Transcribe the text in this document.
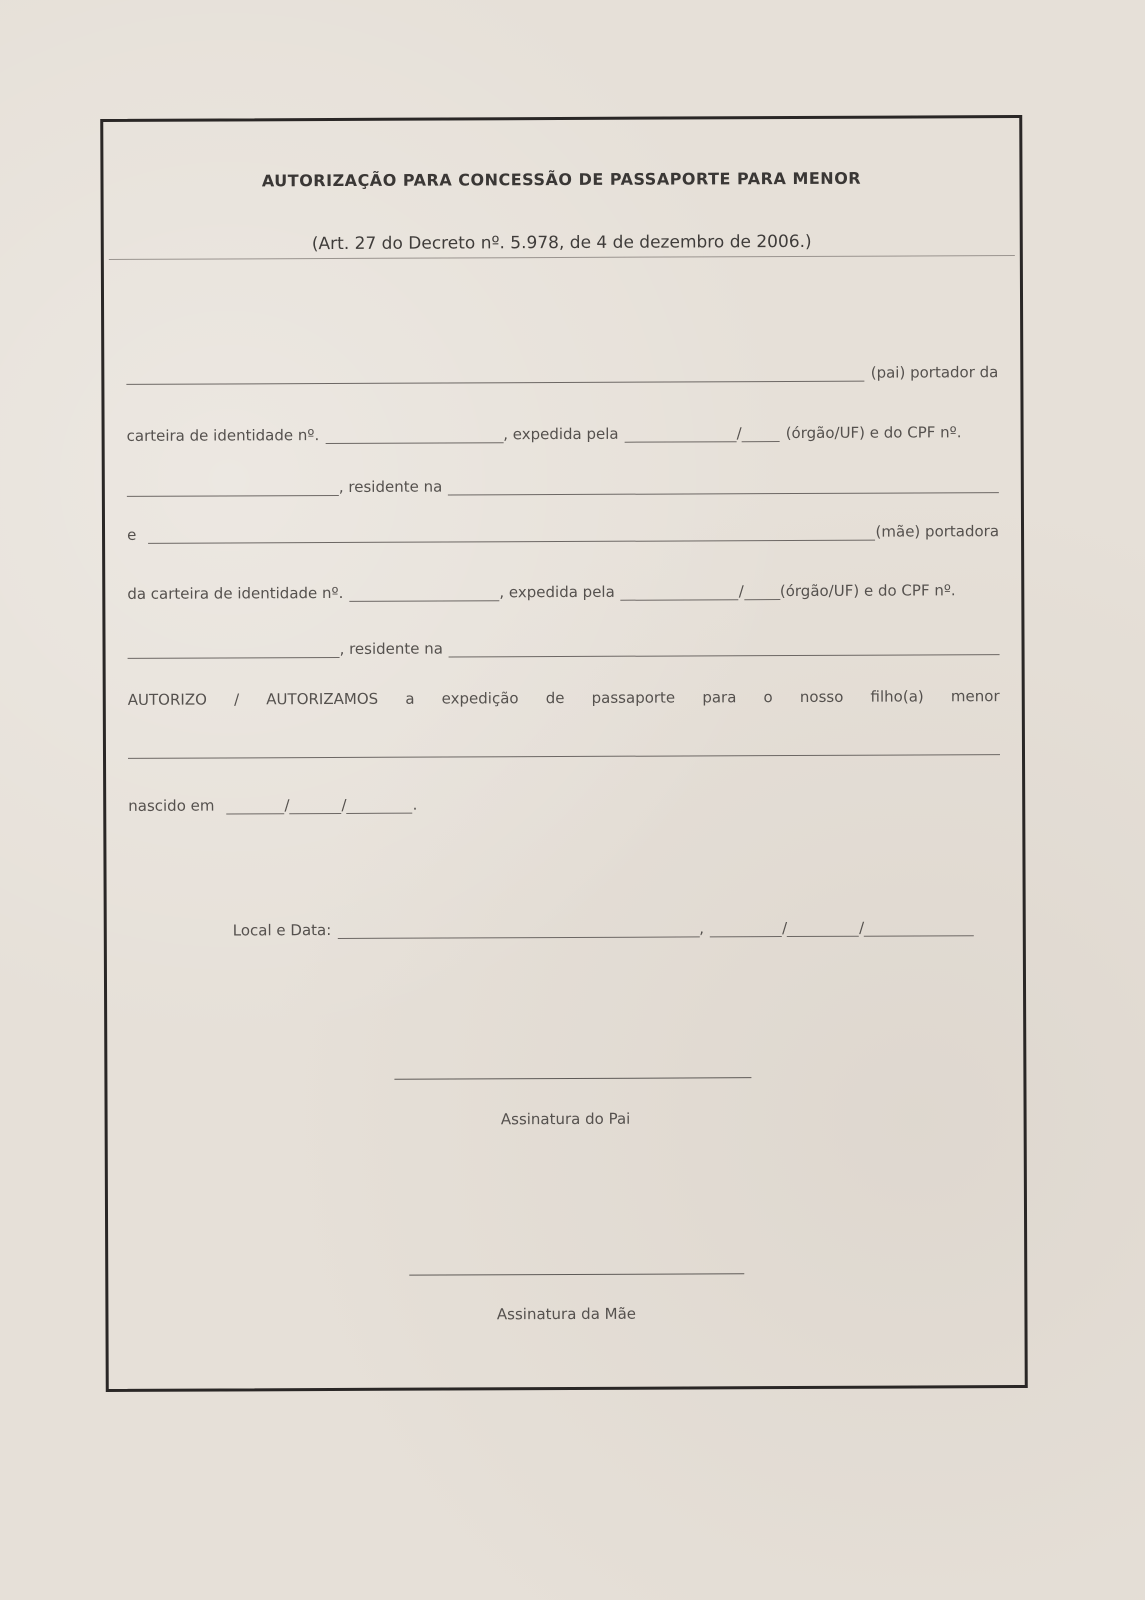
AUTORIZAÇÃO PARA CONCESSÃO DE PASSAPORTE PARA MENOR
(Art. 27 do Decreto nº. 5.978, de 4 de dezembro de 2006.)
(pai) portador da
carteira de identidade nº.	, expedida pela	/	(órgão/UF) e do CPF nº.
, residente na
e	(mãe) portadora
da carteira de identidade nº.	, expedida pela	/ (órgão/UF) e do CPF nº.
, residente na
AUTORIZO / AUTORIZAMOS a expedição de passaporte para o nosso filho(a) menor
nascido em	/	/	.
Local e Data:	,	/	/
Assinatura do Pai
Assinatura da Mãe
